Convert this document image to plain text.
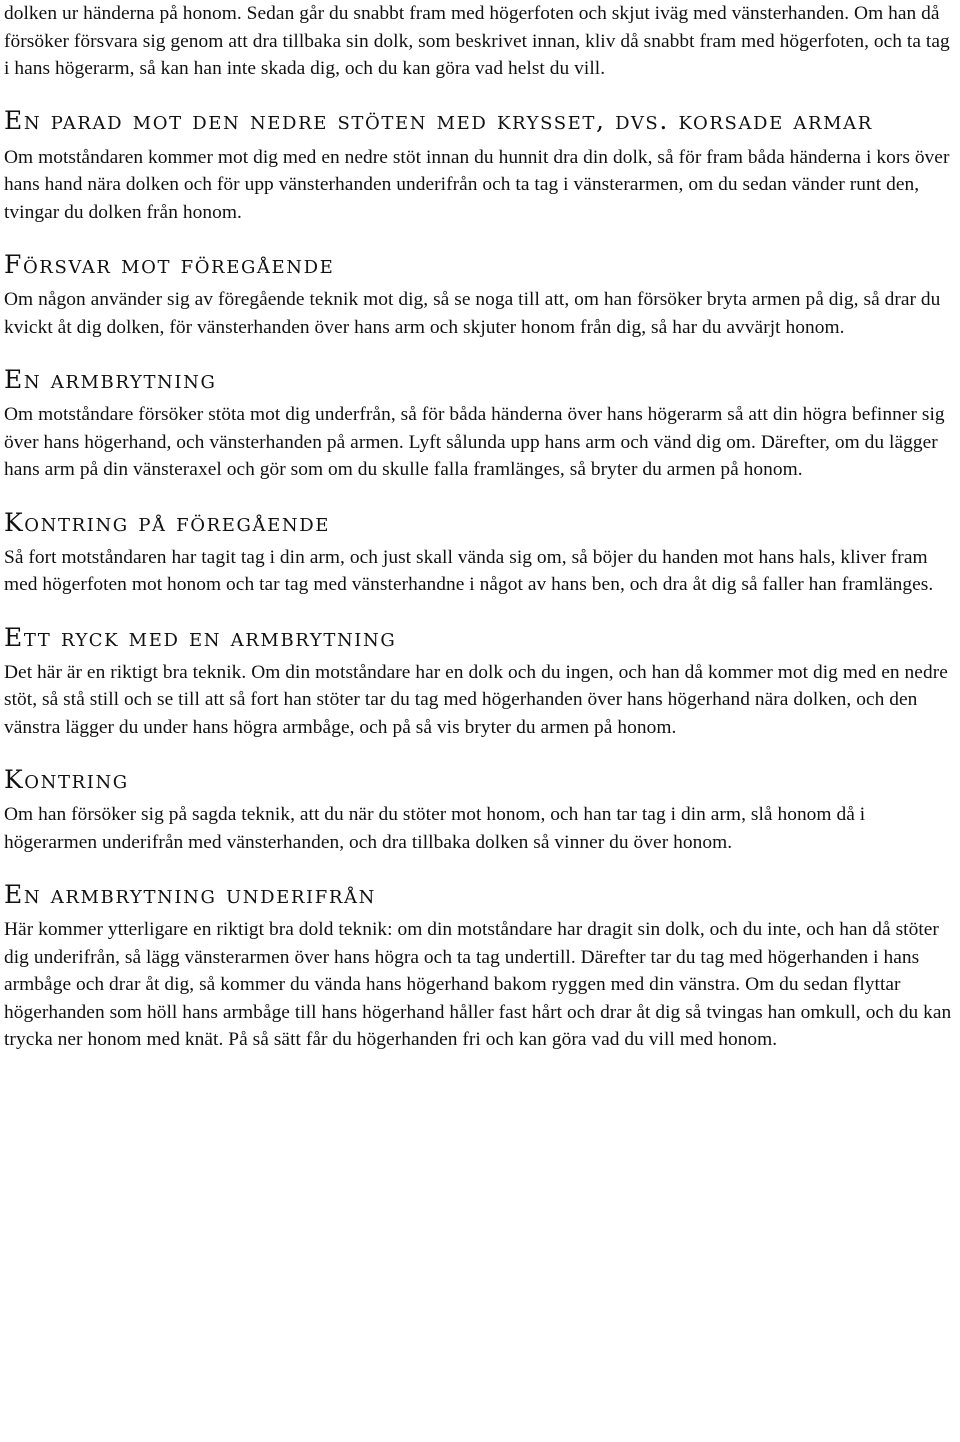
dolken ur händerna på honom. Sedan går du snabbt fram med högerfoten och skjut iväg med vänsterhanden. Om han då försöker försvara sig genom att dra tillbaka sin dolk, som beskrivet innan, kliv då snabbt fram med högerfoten, och ta tag i hans högerarm, så kan han inte skada dig, och du kan göra vad helst du vill.

En parad mot den nedre stöten med krysset, dvs. korsade armar

Om motståndaren kommer mot dig med en nedre stöt innan du hunnit dra din dolk, så för fram båda händerna i kors över hans hand nära dolken och för upp vänsterhanden underifrån och ta tag i vänsterarmen, om du sedan vänder runt den, tvingar du dolken från honom.

Försvar mot föregående

Om någon använder sig av föregående teknik mot dig, så se noga till att, om han försöker bryta armen på dig, så drar du kvickt åt dig dolken, för vänsterhanden över hans arm och skjuter honom från dig, så har du avvärjt honom.

En armbrytning

Om motståndare försöker stöta mot dig underfrån, så för båda händerna över hans högerarm så att din högra befinner sig över hans högerhand, och vänsterhanden på armen. Lyft sålunda upp hans arm och vänd dig om. Därefter, om du lägger hans arm på din vänsteraxel och gör som om du skulle falla framlänges, så bryter du armen på honom.

Kontring på föregående

Så fort motståndaren har tagit tag i din arm, och just skall vända sig om, så böjer du handen mot hans hals, kliver fram med högerfoten mot honom och tar tag med vänsterhandne i något av hans ben, och dra åt dig så faller han framlänges.

Ett ryck med en armbrytning

Det här är en riktigt bra teknik. Om din motståndare har en dolk och du ingen, och han då kommer mot dig med en nedre stöt, så stå still och se till att så fort han stöter tar du tag med högerhanden över hans högerhand nära dolken, och den vänstra lägger du under hans högra armbåge, och på så vis bryter du armen på honom.

Kontring

Om han försöker sig på sagda teknik, att du när du stöter mot honom, och han tar tag i din arm, slå honom då i högerarmen underifrån med vänsterhanden, och dra tillbaka dolken så vinner du över honom.

En armbrytning underifrån

Här kommer ytterligare en riktigt bra dold teknik: om din motståndare har dragit sin dolk, och du inte, och han då stöter dig underifrån, så lägg vänsterarmen över hans högra och ta tag undertill. Därefter tar du tag med högerhanden i hans armbåge och drar åt dig, så kommer du vända hans högerhand bakom ryggen med din vänstra. Om du sedan flyttar högerhanden som höll hans armbåge till hans högerhand håller fast hårt och drar åt dig så tvingas han omkull, och du kan trycka ner honom med knät. På så sätt får du högerhanden fri och kan göra vad du vill med honom.
